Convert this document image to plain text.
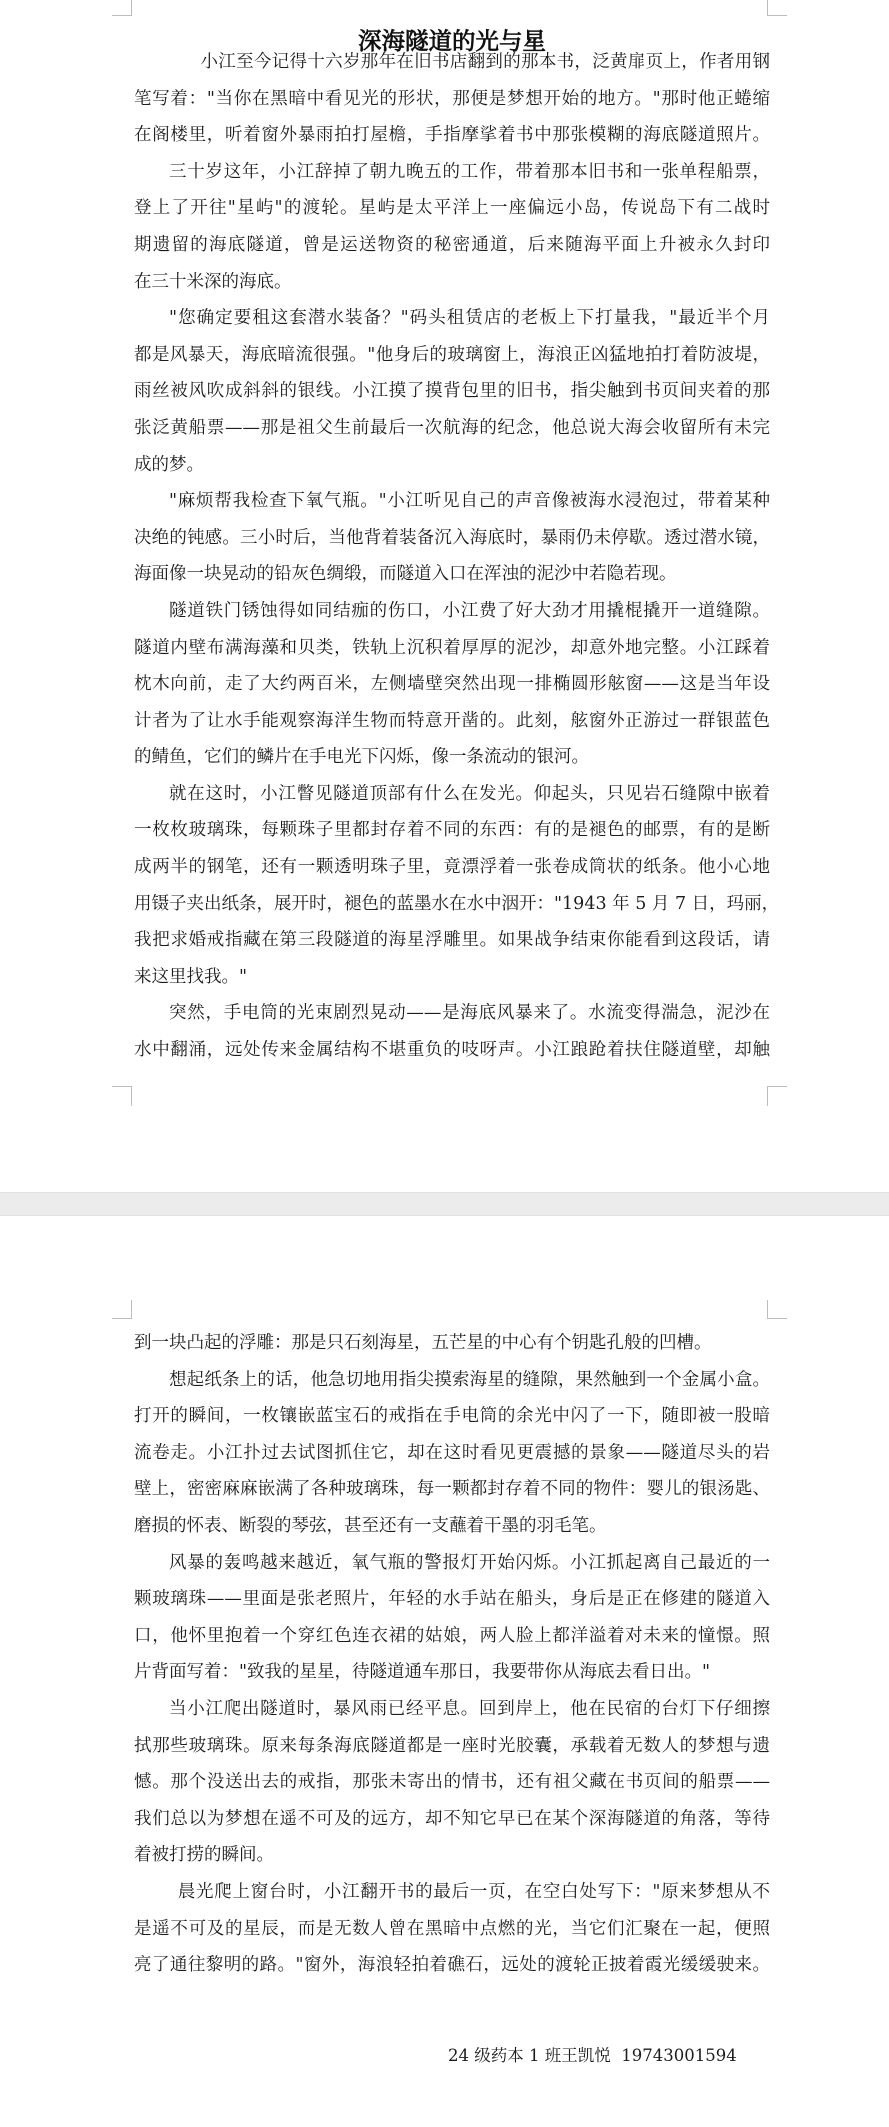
深海隧道的光与星
小江至今记得十六岁那年在旧书店翻到的那本书，泛黄扉页上，作者用钢
笔写着："当你在黑暗中看见光的形状，那便是梦想开始的地方。"那时他正蜷缩
在阁楼里，听着窗外暴雨拍打屋檐，手指摩挲着书中那张模糊的海底隧道照片。
三十岁这年，小江辞掉了朝九晚五的工作，带着那本旧书和一张单程船票，
登上了开往"星屿"的渡轮。星屿是太平洋上一座偏远小岛，传说岛下有二战时
期遗留的海底隧道，曾是运送物资的秘密通道，后来随海平面上升被永久封印
在三十米深的海底。
"您确定要租这套潜水装备？"码头租赁店的老板上下打量我，"最近半个月
都是风暴天，海底暗流很强。"他身后的玻璃窗上，海浪正凶猛地拍打着防波堤，
雨丝被风吹成斜斜的银线。小江摸了摸背包里的旧书，指尖触到书页间夹着的那
张泛黄船票——那是祖父生前最后一次航海的纪念，他总说大海会收留所有未完
成的梦。
"麻烦帮我检查下氧气瓶。"小江听见自己的声音像被海水浸泡过，带着某种
决绝的钝感。三小时后，当他背着装备沉入海底时，暴雨仍未停歇。透过潜水镜，
海面像一块晃动的铅灰色绸缎，而隧道入口在浑浊的泥沙中若隐若现。
隧道铁门锈蚀得如同结痂的伤口，小江费了好大劲才用撬棍撬开一道缝隙。
隧道内壁布满海藻和贝类，铁轨上沉积着厚厚的泥沙，却意外地完整。小江踩着
枕木向前，走了大约两百米，左侧墙壁突然出现一排椭圆形舷窗——这是当年设
计者为了让水手能观察海洋生物而特意开凿的。此刻，舷窗外正游过一群银蓝色
的鲭鱼，它们的鳞片在手电光下闪烁，像一条流动的银河。
就在这时，小江瞥见隧道顶部有什么在发光。仰起头，只见岩石缝隙中嵌着
一枚枚玻璃珠，每颗珠子里都封存着不同的东西：有的是褪色的邮票，有的是断
成两半的钢笔，还有一颗透明珠子里，竟漂浮着一张卷成筒状的纸条。他小心地
用镊子夹出纸条，展开时，褪色的蓝墨水在水中洇开："1943 年 5 月 7 日，玛丽，
我把求婚戒指藏在第三段隧道的海星浮雕里。如果战争结束你能看到这段话，请
来这里找我。"
突然，手电筒的光束剧烈晃动——是海底风暴来了。水流变得湍急，泥沙在
水中翻涌，远处传来金属结构不堪重负的吱呀声。小江踉跄着扶住隧道壁，却触
到一块凸起的浮雕：那是只石刻海星，五芒星的中心有个钥匙孔般的凹槽。
想起纸条上的话，他急切地用指尖摸索海星的缝隙，果然触到一个金属小盒。
打开的瞬间，一枚镶嵌蓝宝石的戒指在手电筒的余光中闪了一下，随即被一股暗
流卷走。小江扑过去试图抓住它，却在这时看见更震撼的景象——隧道尽头的岩
壁上，密密麻麻嵌满了各种玻璃珠，每一颗都封存着不同的物件：婴儿的银汤匙、
磨损的怀表、断裂的琴弦，甚至还有一支蘸着干墨的羽毛笔。
风暴的轰鸣越来越近，氧气瓶的警报灯开始闪烁。小江抓起离自己最近的一
颗玻璃珠——里面是张老照片，年轻的水手站在船头，身后是正在修建的隧道入
口，他怀里抱着一个穿红色连衣裙的姑娘，两人脸上都洋溢着对未来的憧憬。照
片背面写着："致我的星星，待隧道通车那日，我要带你从海底去看日出。"
当小江爬出隧道时，暴风雨已经平息。回到岸上，他在民宿的台灯下仔细擦
拭那些玻璃珠。原来每条海底隧道都是一座时光胶囊，承载着无数人的梦想与遗
憾。那个没送出去的戒指，那张未寄出的情书，还有祖父藏在书页间的船票——
我们总以为梦想在遥不可及的远方，却不知它早已在某个深海隧道的角落，等待
着被打捞的瞬间。
晨光爬上窗台时，小江翻开书的最后一页，在空白处写下："原来梦想从不
是遥不可及的星辰，而是无数人曾在黑暗中点燃的光，当它们汇聚在一起，便照
亮了通往黎明的路。"窗外，海浪轻拍着礁石，远处的渡轮正披着霞光缓缓驶来。
24 级药本 1 班王凯悦  19743001594
